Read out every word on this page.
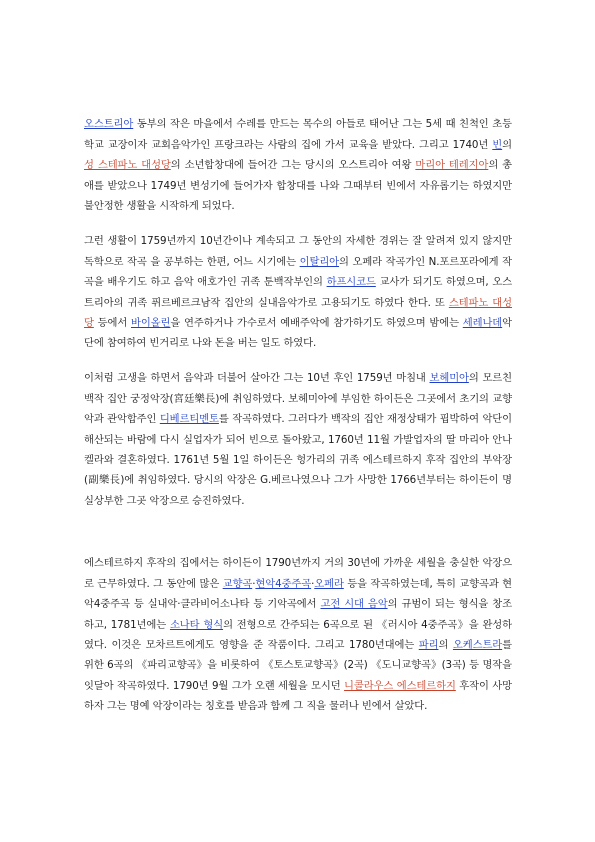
오스트리아 동부의 작은 마을에서 수레를 만드는 목수의 아들로 태어난 그는 5세 때 친척인 초등학교 교장이자 교회음악가인 프랑크라는 사람의 집에 가서 교육을 받았다. 그리고 1740년 빈의 성 스테파노 대성당의 소년합창대에 들어간 그는 당시의 오스트리아 여왕 마리아 테레지아의 총애를 받았으나 1749년 변성기에 들어가자 합창대를 나와 그때부터 빈에서 자유롭기는 하였지만 불안정한 생활을 시작하게 되었다.

그런 생활이 1759년까지 10년간이나 계속되고 그 동안의 자세한 경위는 잘 알려져 있지 않지만 독학으로 작곡 을 공부하는 한편, 어느 시기에는 이탈리아의 오페라 작곡가인 N.포르포라에게 작곡을 배우기도 하고 음악 애호가인 귀족 툰백작부인의 하프시코드 교사가 되기도 하였으며, 오스트리아의 귀족 퓌르베르크남작 집안의 실내음악가로 고용되기도 하였다 한다. 또 스테파노 대성당 등에서 바이올린을 연주하거나 가수로서 예배주악에 참가하기도 하였으며 밤에는 세레나데악단에 참여하여 빈거리로 나와 돈을 버는 일도 하였다.

이처럼 고생을 하면서 음악과 더불어 살아간 그는 10년 후인 1759년 마침내 보헤미아의 모르친백작 집안 궁정악장(宮廷樂長)에 취임하였다. 보헤미아에 부임한 하이든은 그곳에서 초기의 교향악과 관악합주인 디베르티멘토를 작곡하였다. 그러다가 백작의 집안 재정상태가 핍박하여 악단이 해산되는 바람에 다시 실업자가 되어 빈으로 돌아왔고, 1760년 11월 가발업자의 딸 마리아 안나 켈라와 결혼하였다. 1761년 5월 1일 하이든은 헝가리의 귀족 에스테르하지 후작 집안의 부악장(副樂長)에 취임하였다. 당시의 악장은 G.베르나였으나 그가 사망한 1766년부터는 하이든이 명실상부한 그곳 악장으로 승진하였다.

에스테르하지 후작의 집에서는 하이든이 1790년까지 거의 30년에 가까운 세월을 충실한 악장으로 근무하였다. 그 동안에 많은 교향곡·현악4중주곡·오페라 등을 작곡하였는데, 특히 교향곡과 현악4중주곡 등 실내악·클라비어소나타 등 기악곡에서 고전 시대 음악의 규범이 되는 형식을 창조하고, 1781년에는 소나타 형식의 전형으로 간주되는 6곡으로 된 《러시아 4중주곡》을 완성하였다. 이것은 모차르트에게도 영향을 준 작품이다. 그리고 1780년대에는 파리의 오케스트라를 위한 6곡의 《파리교향곡》을 비롯하여 《토스토교향곡》(2곡) 《도니교향곡》(3곡) 등 명작을 잇달아 작곡하였다. 1790년 9월 그가 오랜 세월을 모시던 니콜라우스 에스테르하지 후작이 사망하자 그는 명예 악장이라는 칭호를 받음과 함께 그 직을 물러나 빈에서 살았다.
